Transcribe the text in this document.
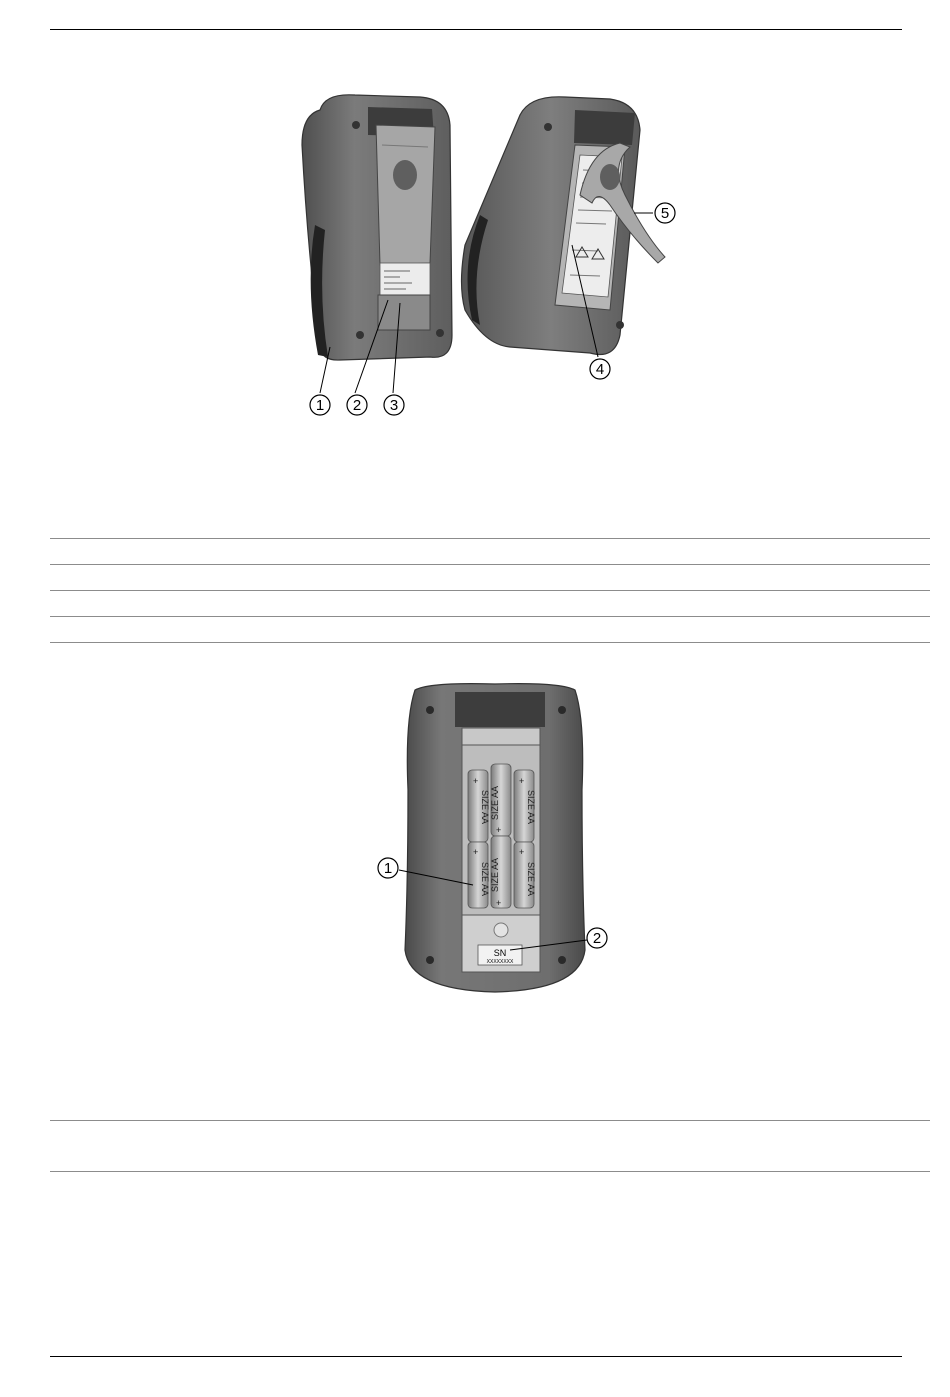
1 2 3
4
5
SN
XXXXXXXX
SIZE AA
+
SIZE AA
+
SIZE AA
+
SIZE AA
+
SIZE AA
+
SIZE AA
+
1
2
